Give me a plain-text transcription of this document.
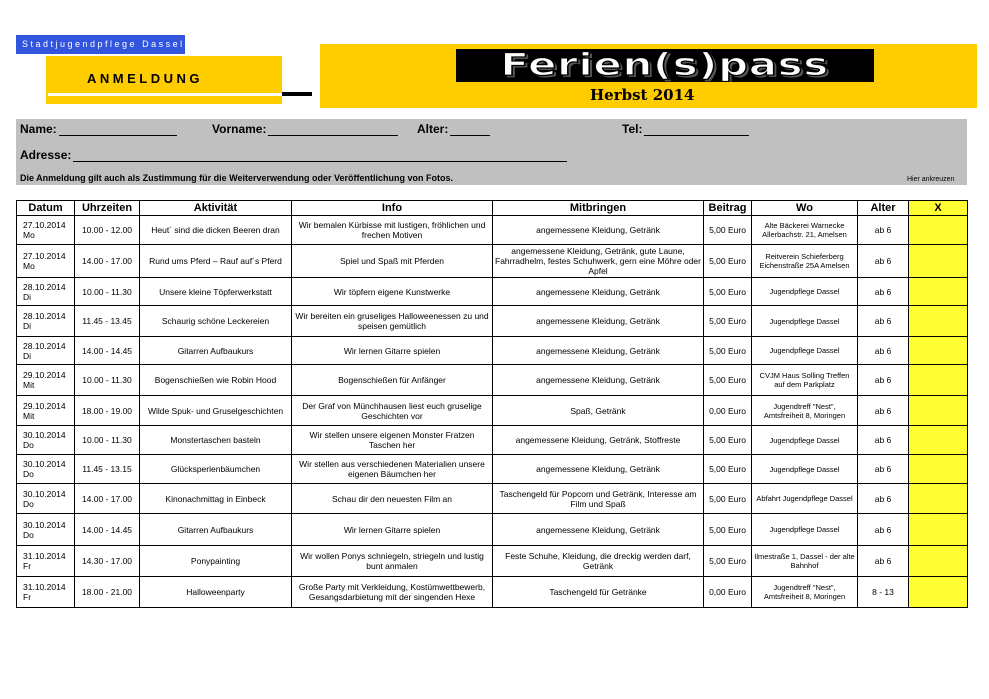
Stadtjugendpflege Dassel
ANMELDUNG	Ferien(s)pass
Herbst 2014
Name:	Vorname:	Alter:	Tel:
Adresse:
Die Anmeldung gilt auch als Zustimmung für die Weiterverwendung oder Veröffentlichung von Fotos.	Hier ankreuzen
Datum	Uhrzeiten	Aktivität	Info	Mitbringen	Beitrag	Wo	Alter	X
27.10.2014
Mo	10.00 - 12.00	Heut´ sind die dicken Beeren dran	Wir bemalen Kürbisse mit lustigen, fröhlichen und frechen Motiven	angemessene Kleidung, Getränk	5,00 Euro	Alte Bäckerei Warnecke Allerbachstr. 21, Amelsen	ab 6	
27.10.2014
Mo	14.00 - 17.00	Rund ums Pferd – Rauf auf´s Pferd	Spiel und Spaß mit Pferden	angemessene Kleidung, Getränk, gute Laune, Fahrradhelm, festes Schuhwerk, gern eine Möhre oder Apfel	5,00 Euro	Reitverein Schieferberg Eichenstraße 25A Amelsen	ab 6	
28.10.2014
Di	10.00 - 11.30	Unsere kleine Töpferwerkstatt	Wir töpfern eigene Kunstwerke	angemessene Kleidung, Getränk	5,00 Euro	Jugendpflege Dassel	ab 6	
28.10.2014
Di	11.45 - 13.45	Schaurig schöne Leckereien	Wir bereiten ein gruseliges Halloweenessen zu und speisen gemütlich	angemessene Kleidung, Getränk	5,00 Euro	Jugendpflege Dassel	ab 6	
28.10.2014
Di	14.00 - 14.45	Gitarren Aufbaukurs	Wir lernen Gitarre spielen	angemessene Kleidung, Getränk	5,00 Euro	Jugendpflege Dassel	ab 6	
29.10.2014
Mit	10.00 - 11.30	Bogenschießen wie Robin Hood	Bogenschießen für Anfänger	angemessene Kleidung, Getränk	5,00 Euro	CVJM Haus Solling Treffen auf dem Parkplatz	ab 6	
29.10.2014
Mit	18.00 - 19.00	Wilde Spuk- und Gruselgeschichten	Der Graf von Münchhausen liest euch gruselige Geschichten vor	Spaß, Getränk	0,00 Euro	Jugendtreff "Nest", Amtsfreiheit 8, Moringen	ab 6	
30.10.2014
Do	10.00 - 11.30	Monstertaschen basteln	Wir stellen unsere eigenen Monster Fratzen Taschen her	angemessene Kleidung, Getränk, Stoffreste	5,00 Euro	Jugendpflege Dassel	ab 6	
30.10.2014
Do	11.45 - 13.15	Glücksperlenbäumchen	Wir stellen aus verschiedenen Materialien unsere eigenen Bäumchen her	angemessene Kleidung, Getränk	5,00 Euro	Jugendpflege Dassel	ab 6	
30.10.2014
Do	14.00 - 17.00	Kinonachmittag in Einbeck	Schau dir den neuesten Film an	Taschengeld für Popcorn und Getränk, Interesse am Film und Spaß	5,00 Euro	Abfahrt Jugendpflege Dassel	ab 6	
30.10.2014
Do	14.00 - 14.45	Gitarren Aufbaukurs	Wir lernen Gitarre spielen	angemessene Kleidung, Getränk	5,00 Euro	Jugendpflege Dassel	ab 6	
31.10.2014
Fr	14.30 - 17.00	Ponypainting	Wir wollen Ponys schniegeln, striegeln und lustig bunt anmalen	Feste Schuhe, Kleidung, die dreckig werden darf, Getränk	5,00 Euro	Ilmestraße 1, Dassel - der alte Bahnhof	ab 6	
31.10.2014
Fr	18.00 - 21.00	Halloweenparty	Große Party mit Verkleidung, Kostümwettbewerb, Gesangsdarbietung mit der singenden Hexe	Taschengeld für Getränke	0,00 Euro	Jugendtreff "Nest", Amtsfreiheit 8, Moringen	8 - 13	
